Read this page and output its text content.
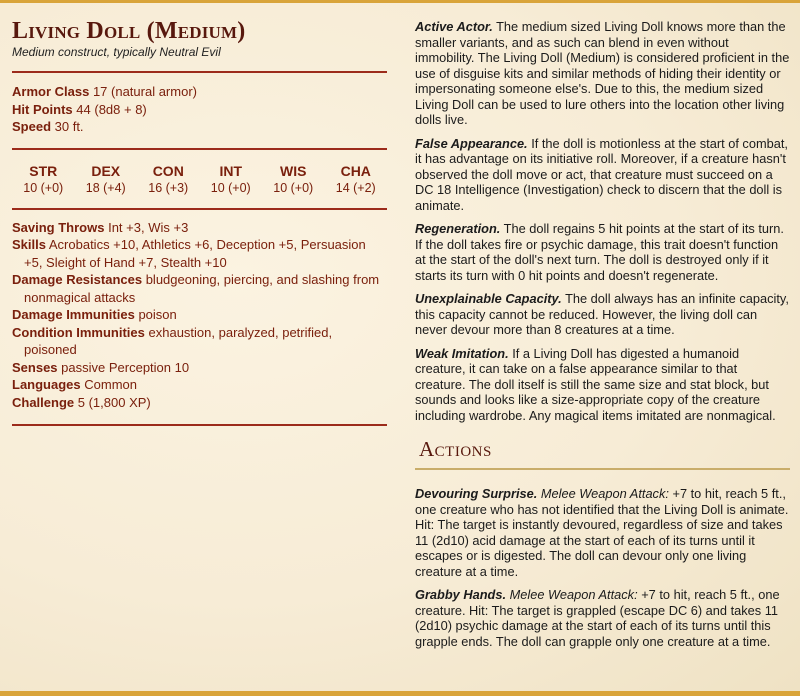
Living Doll (Medium)
Medium construct, typically Neutral Evil
Armor Class 17 (natural armor)
Hit Points 44 (8d8 + 8)
Speed 30 ft.
STR
10 (+0)
DEX
18 (+4)
CON
16 (+3)
INT
10 (+0)
WIS
10 (+0)
CHA
14 (+2)
Saving Throws Int +3, Wis +3
Skills Acrobatics +10, Athletics +6, Deception +5, Persuasion +5, Sleight of Hand +7, Stealth +10
Damage Resistances bludgeoning, piercing, and slashing from nonmagical attacks
Damage Immunities poison
Condition Immunities exhaustion, paralyzed, petrified, poisoned
Senses passive Perception 10
Languages Common
Challenge 5 (1,800 XP)

Active Actor. The medium sized Living Doll knows more than the smaller variants, and as such can blend in even without immobility. The Living Doll (Medium) is considered proficient in the use of disguise kits and similar methods of hiding their identity or impersonating someone else's. Due to this, the medium sized Living Doll can be used to lure others into the location other living dolls live.

False Appearance. If the doll is motionless at the start of combat, it has advantage on its initiative roll. Moreover, if a creature hasn't observed the doll move or act, that creature must succeed on a DC 18 Intelligence (Investigation) check to discern that the doll is animate.

Regeneration. The doll regains 5 hit points at the start of its turn. If the doll takes fire or psychic damage, this trait doesn't function at the start of the doll's next turn. The doll is destroyed only if it starts its turn with 0 hit points and doesn't regenerate.

Unexplainable Capacity. The doll always has an infinite capacity, this capacity cannot be reduced. However, the living doll can never devour more than 8 creatures at a time.

Weak Imitation. If a Living Doll has digested a humanoid creature, it can take on a false appearance similar to that creature. The doll itself is still the same size and stat block, but sounds and looks like a size-appropriate copy of the creature including wardrobe. Any magical items imitated are nonmagical.

Actions

Devouring Surprise. Melee Weapon Attack: +7 to hit, reach 5 ft., one creature who has not identified that the Living Doll is animate. Hit: The target is instantly devoured, regardless of size and takes 11 (2d10) acid damage at the start of each of its turns until it escapes or is digested. The doll can devour only one living creature at a time.

Grabby Hands. Melee Weapon Attack: +7 to hit, reach 5 ft., one creature. Hit: The target is grappled (escape DC 6) and takes 11 (2d10) psychic damage at the start of each of its turns until this grapple ends. The doll can grapple only one creature at a time.
